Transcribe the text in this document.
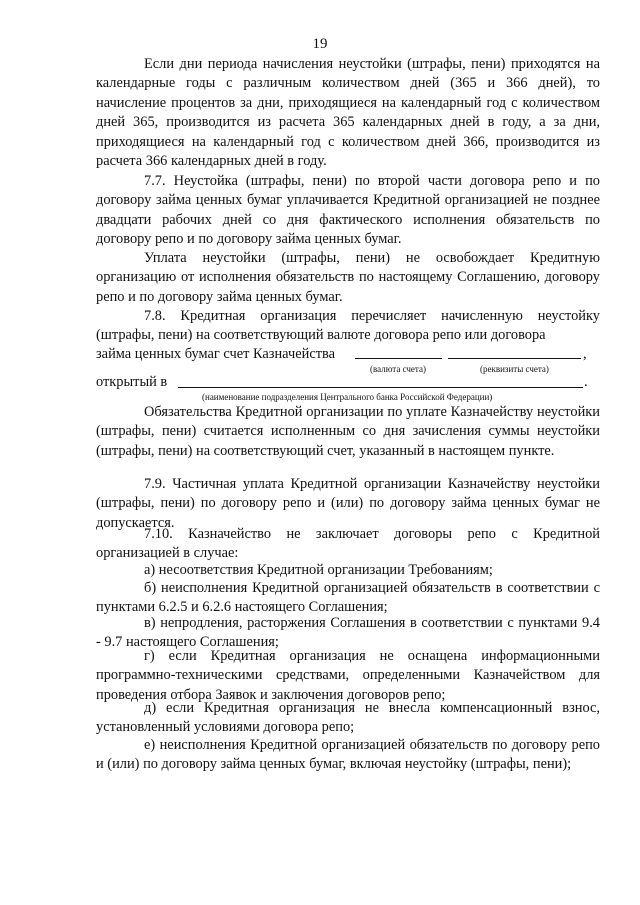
19

Если дни периода начисления неустойки (штрафы, пени) приходятся на календарные годы с различным количеством дней (365 и 366 дней), то начисление процентов за дни, приходящиеся на календарный год с количеством дней 365, производится из расчета 365 календарных дней в году, а за дни, приходящиеся на календарный год с количеством дней 366, производится из расчета 366 календарных дней в году.

7.7. Неустойка (штрафы, пени) по второй части договора репо и по договору займа ценных бумаг уплачивается Кредитной организацией не позднее двадцати рабочих дней со дня фактического исполнения обязательств по договору репо и по договору займа ценных бумаг.

Уплата неустойки (штрафы, пени) не освобождает Кредитную организацию от исполнения обязательств по настоящему Соглашению, договору репо и по договору займа ценных бумаг.

7.8. Кредитная организация перечисляет начисленную неустойку (штрафы, пени) на соответствующий валюте договора репо или договора

займа ценных бумаг счет Казначейства	,
(валюта счета)	(реквизиты счета)
открытый в	.
(наименование подразделения Центрального банка Российской Федерации)

Обязательства Кредитной организации по уплате Казначейству неустойки (штрафы, пени) считается исполненным со дня зачисления суммы неустойки (штрафы, пени) на соответствующий счет, указанный в настоящем пункте.

7.9. Частичная уплата Кредитной организации Казначейству неустойки (штрафы, пени) по договору репо и (или) по договору займа ценных бумаг не допускается.

7.10. Казначейство не заключает договоры репо с Кредитной организацией в случае:

а) несоответствия Кредитной организации Требованиям;

б) неисполнения Кредитной организацией обязательств в соответствии с пунктами 6.2.5 и 6.2.6 настоящего Соглашения;

в) непродления, расторжения Соглашения в соответствии с пунктами 9.4 - 9.7 настоящего Соглашения;

г) если Кредитная организация не оснащена информационными программно-техническими средствами, определенными Казначейством для проведения отбора Заявок и заключения договоров репо;

д) если Кредитная организация не внесла компенсационный взнос, установленный условиями договора репо;

е) неисполнения Кредитной организацией обязательств по договору репо и (или) по договору займа ценных бумаг, включая неустойку (штрафы, пени);
